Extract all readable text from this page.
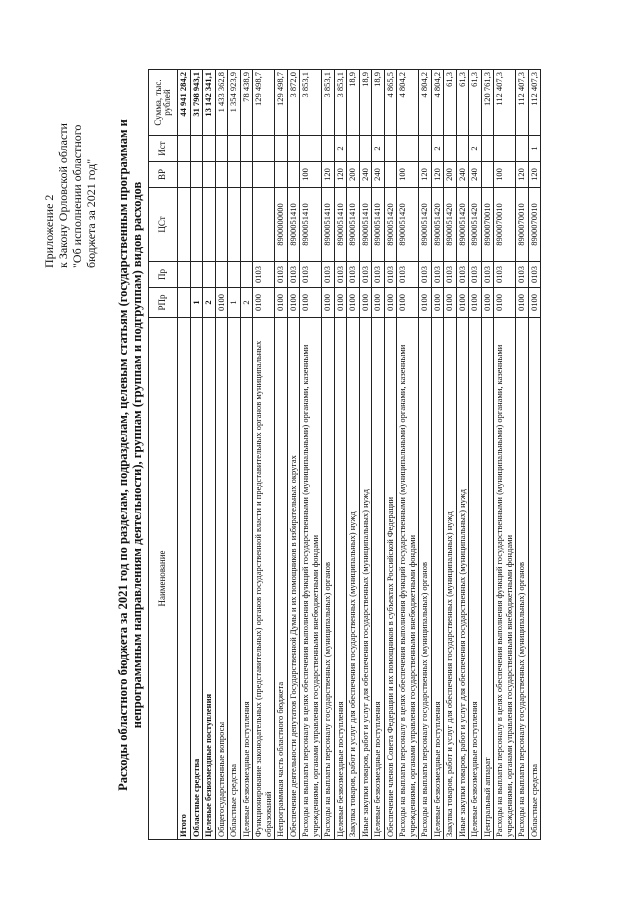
Приложение 2 к Закону Орловской области "Об исполнении областного бюджета за 2021 год" Расходы областного бюджета за 2021 год по разделам, подразделам, целевым статьям (государственным программам и непрограммным направлениям деятельности), группам (группам и подгруппам) видов расходов Наименование	РПр	Пр	ЦСт	ВР	Ист	Сумма, тыс. рублей
Итого						44 941 284,2
Областные средства	1					31 798 943,1
Целевые безвозмездные поступления	2					13 142 341,1
Общегосударственные вопросы	0100					1 433 362,8
Областные средства	1					1 354 923,9
Целевые безвозмездные поступления	2					78 438,9
Функционирование законодательных (представительных) органов государственной власти и представительных органов муниципальных образований	0100	0103				129 498,7
Непрограммная часть областного бюджета	0100	0103	8900000000			129 498,7
Обеспечение деятельности депутатов Государственной Думы и их помощников в избирательных округах	0100	0103	8900051410			3 872,0
Расходы на выплаты персоналу в целях обеспечения выполнения функций государственными (муниципальными) органами, казенными учреждениями, органами управления государственными внебюджетными фондами	0100	0103	8900051410	100		3 853,1
Расходы на выплаты персоналу государственных (муниципальных) органов	0100	0103	8900051410	120		3 853,1
Целевые безвозмездные поступления	0100	0103	8900051410	120	2	3 853,1
Закупка товаров, работ и услуг для обеспечения государственных (муниципальных) нужд	0100	0103	8900051410	200		18,9
Иные закупки товаров, работ и услуг для обеспечения государственных (муниципальных) нужд	0100	0103	8900051410	240		18,9
Целевые безвозмездные поступления	0100	0103	8900051410	240	2	18,9
Обеспечение членов Совета Федерации и их помощников в субъектах Российской Федерации	0100	0103	8900051420			4 865,5
Расходы на выплаты персоналу в целях обеспечения выполнения функций государственными (муниципальными) органами, казенными учреждениями, органами управления государственными внебюджетными фондами	0100	0103	8900051420	100		4 804,2
Расходы на выплаты персоналу государственных (муниципальных) органов	0100	0103	8900051420	120		4 804,2
Целевые безвозмездные поступления	0100	0103	8900051420	120	2	4 804,2
Закупка товаров, работ и услуг для обеспечения государственных (муниципальных) нужд	0100	0103	8900051420	200		61,3
Иные закупки товаров, работ и услуг для обеспечения государственных (муниципальных) нужд	0100	0103	8900051420	240		61,3
Целевые безвозмездные поступления	0100	0103	8900051420	240	2	61,3
Центральный аппарат	0100	0103	8900070010			120 761,3
Расходы на выплаты персоналу в целях обеспечения выполнения функций государственными (муниципальными) органами, казенными учреждениями, органами управления государственными внебюджетными фондами	0100	0103	8900070010	100		112 407,3
Расходы на выплаты персоналу государственных (муниципальных) органов	0100	0103	8900070010	120		112 407,3
Областные средства	0100	0103	8900070010	120	1	112 407,3
